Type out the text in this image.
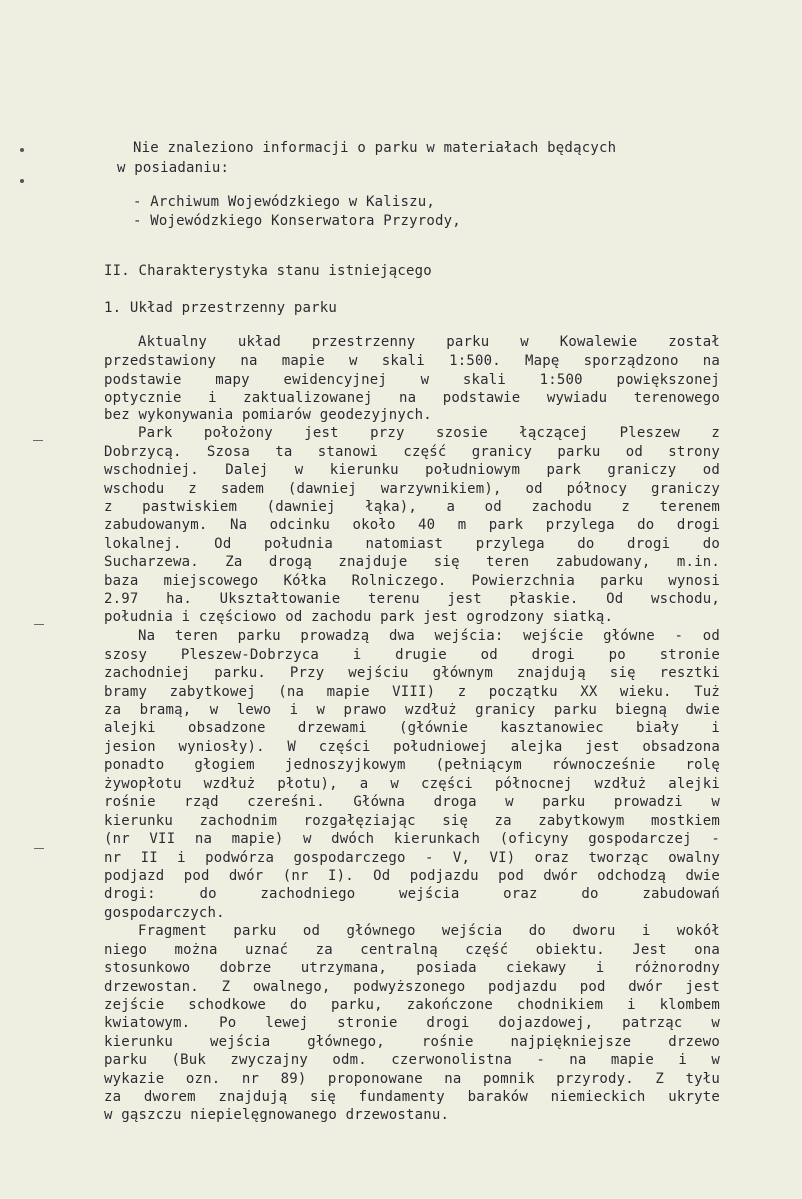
Nie znaleziono informacji o parku w materiałach będących
w posiadaniu:
- Archiwum Wojewódzkiego w Kaliszu,
- Wojewódzkiego Konserwatora Przyrody,
II. Charakterystyka stanu istniejącego
1. Układ przestrzenny parku
Aktualny układ przestrzenny parku w Kowalewie został
przedstawiony na mapie w skali 1:500. Mapę sporządzono na
podstawie mapy ewidencyjnej w skali 1:500 powiększonej
optycznie i zaktualizowanej na podstawie wywiadu terenowego
bez wykonywania pomiarów geodezyjnych.
Park położony jest przy szosie łączącej Pleszew z
Dobrzycą. Szosa ta stanowi część granicy parku od strony
wschodniej. Dalej w kierunku południowym park graniczy od
wschodu z sadem (dawniej warzywnikiem), od północy graniczy
z pastwiskiem (dawniej łąka), a od zachodu z terenem
zabudowanym. Na odcinku około 40 m park przylega do drogi
lokalnej. Od południa natomiast przylega do drogi do
Sucharzewa. Za drogą znajduje się teren zabudowany, m.in.
baza miejscowego Kółka Rolniczego. Powierzchnia parku wynosi
2.97 ha. Ukształtowanie terenu jest płaskie. Od wschodu,
południa i częściowo od zachodu park jest ogrodzony siatką.
Na teren parku prowadzą dwa wejścia: wejście główne - od
szosy Pleszew-Dobrzyca i drugie od drogi po stronie
zachodniej parku. Przy wejściu głównym znajdują się resztki
bramy zabytkowej (na mapie VIII) z początku XX wieku. Tuż
za bramą, w lewo i w prawo wzdłuż granicy parku biegną dwie
alejki obsadzone drzewami (głównie kasztanowiec biały i
jesion wyniosły). W części południowej alejka jest obsadzona
ponadto głogiem jednoszyjkowym (pełniącym równocześnie rolę
żywopłotu wzdłuż płotu), a w części północnej wzdłuż alejki
rośnie rząd czereśni. Główna droga w parku prowadzi w
kierunku zachodnim rozgałęziając się za zabytkowym mostkiem
(nr VII na mapie) w dwóch kierunkach (oficyny gospodarczej -
nr II i podwórza gospodarczego - V, VI) oraz tworząc owalny
podjazd pod dwór (nr I). Od podjazdu pod dwór odchodzą dwie
drogi: do zachodniego wejścia oraz do zabudowań
gospodarczych.
Fragment parku od głównego wejścia do dworu i wokół
niego można uznać za centralną część obiektu. Jest ona
stosunkowo dobrze utrzymana, posiada ciekawy i różnorodny
drzewostan. Z owalnego, podwyższonego podjazdu pod dwór jest
zejście schodkowe do parku, zakończone chodnikiem i klombem
kwiatowym. Po lewej stronie drogi dojazdowej, patrząc w
kierunku wejścia głównego, rośnie najpiękniejsze drzewo
parku (Buk zwyczajny odm. czerwonolistna - na mapie i w
wykazie ozn. nr 89) proponowane na pomnik przyrody. Z tyłu
za dworem znajdują się fundamenty baraków niemieckich ukryte
w gąszczu niepielęgnowanego drzewostanu.
